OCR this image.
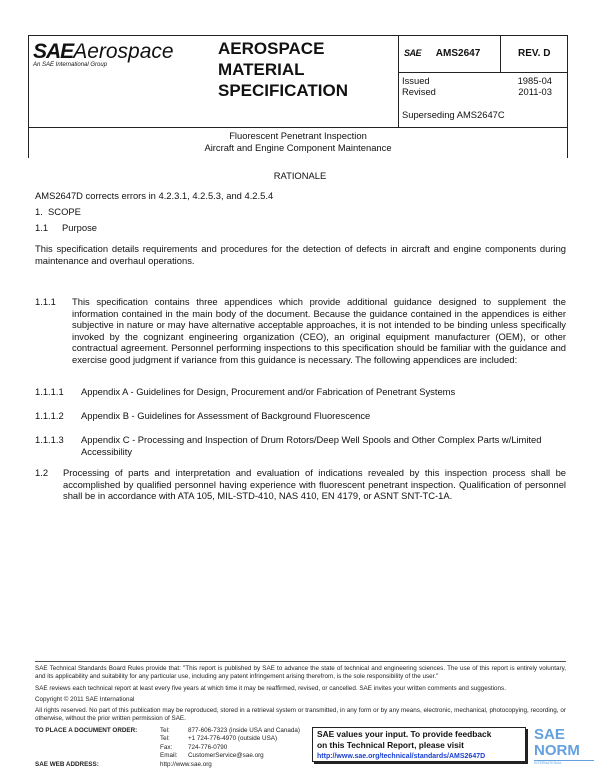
SAEAerospace
An SAE International Group
AEROSPACE
MATERIAL
SPECIFICATION
SAE AMS2647	REV. D
Issued	1985-04
Revised	2011-03
Superseding AMS2647C
Fluorescent Penetrant Inspection
Aircraft and Engine Component Maintenance
RATIONALE
AMS2647D corrects errors in 4.2.3.1, 4.2.5.3, and 4.2.5.4
1. SCOPE
1.1 Purpose
This specification details requirements and procedures for the detection of defects in aircraft and engine components during maintenance and overhaul operations.
1.1.1 This specification contains three appendices which provide additional guidance designed to supplement the information contained in the main body of the document. Because the guidance contained in the appendices is either subjective in nature or may have alternative acceptable approaches, it is not intended to be binding unless specifically invoked by the cognizant engineering organization (CEO), an original equipment manufacturer (OEM), or other contractual agreement. Personnel performing inspections to this specification should be familiar with the guidance and exercise good judgment if variance from this guidance is necessary. The following appendices are included:
1.1.1.1 Appendix A - Guidelines for Design, Procurement and/or Fabrication of Penetrant Systems
1.1.1.2 Appendix B - Guidelines for Assessment of Background Fluorescence
1.1.1.3 Appendix C - Processing and Inspection of Drum Rotors/Deep Well Spools and Other Complex Parts w/Limited Accessibility
1.2 Processing of parts and interpretation and evaluation of indications revealed by this inspection process shall be accomplished by qualified personnel having experience with fluorescent penetrant inspection. Qualification of personnel shall be in accordance with ATA 105, MIL-STD-410, NAS 410, EN 4179, or ASNT SNT-TC-1A.
SAE Technical Standards Board Rules provide that: "This report is published by SAE to advance the state of technical and engineering sciences. The use of this report is entirely voluntary, and its applicability and suitability for any particular use, including any patent infringement arising therefrom, is the sole responsibility of the user."
SAE reviews each technical report at least every five years at which time it may be reaffirmed, revised, or cancelled. SAE invites your written comments and suggestions.
Copyright © 2011 SAE International
All rights reserved. No part of this publication may be reproduced, stored in a retrieval system or transmitted, in any form or by any means, electronic, mechanical, photocopying, recording, or otherwise, without the prior written permission of SAE.
TO PLACE A DOCUMENT ORDER:	Tel:	877-606-7323 (inside USA and Canada)
Tel:	+1 724-776-4970 (outside USA)
Fax:	724-776-0790
Email: CustomerService@sae.org
SAE WEB ADDRESS:	http://www.sae.org
SAE values your input. To provide feedback
on this Technical Report, please visit
http://www.sae.org/technical/standards/AMS2647D
SAE NORM
INTERNATIONAL
